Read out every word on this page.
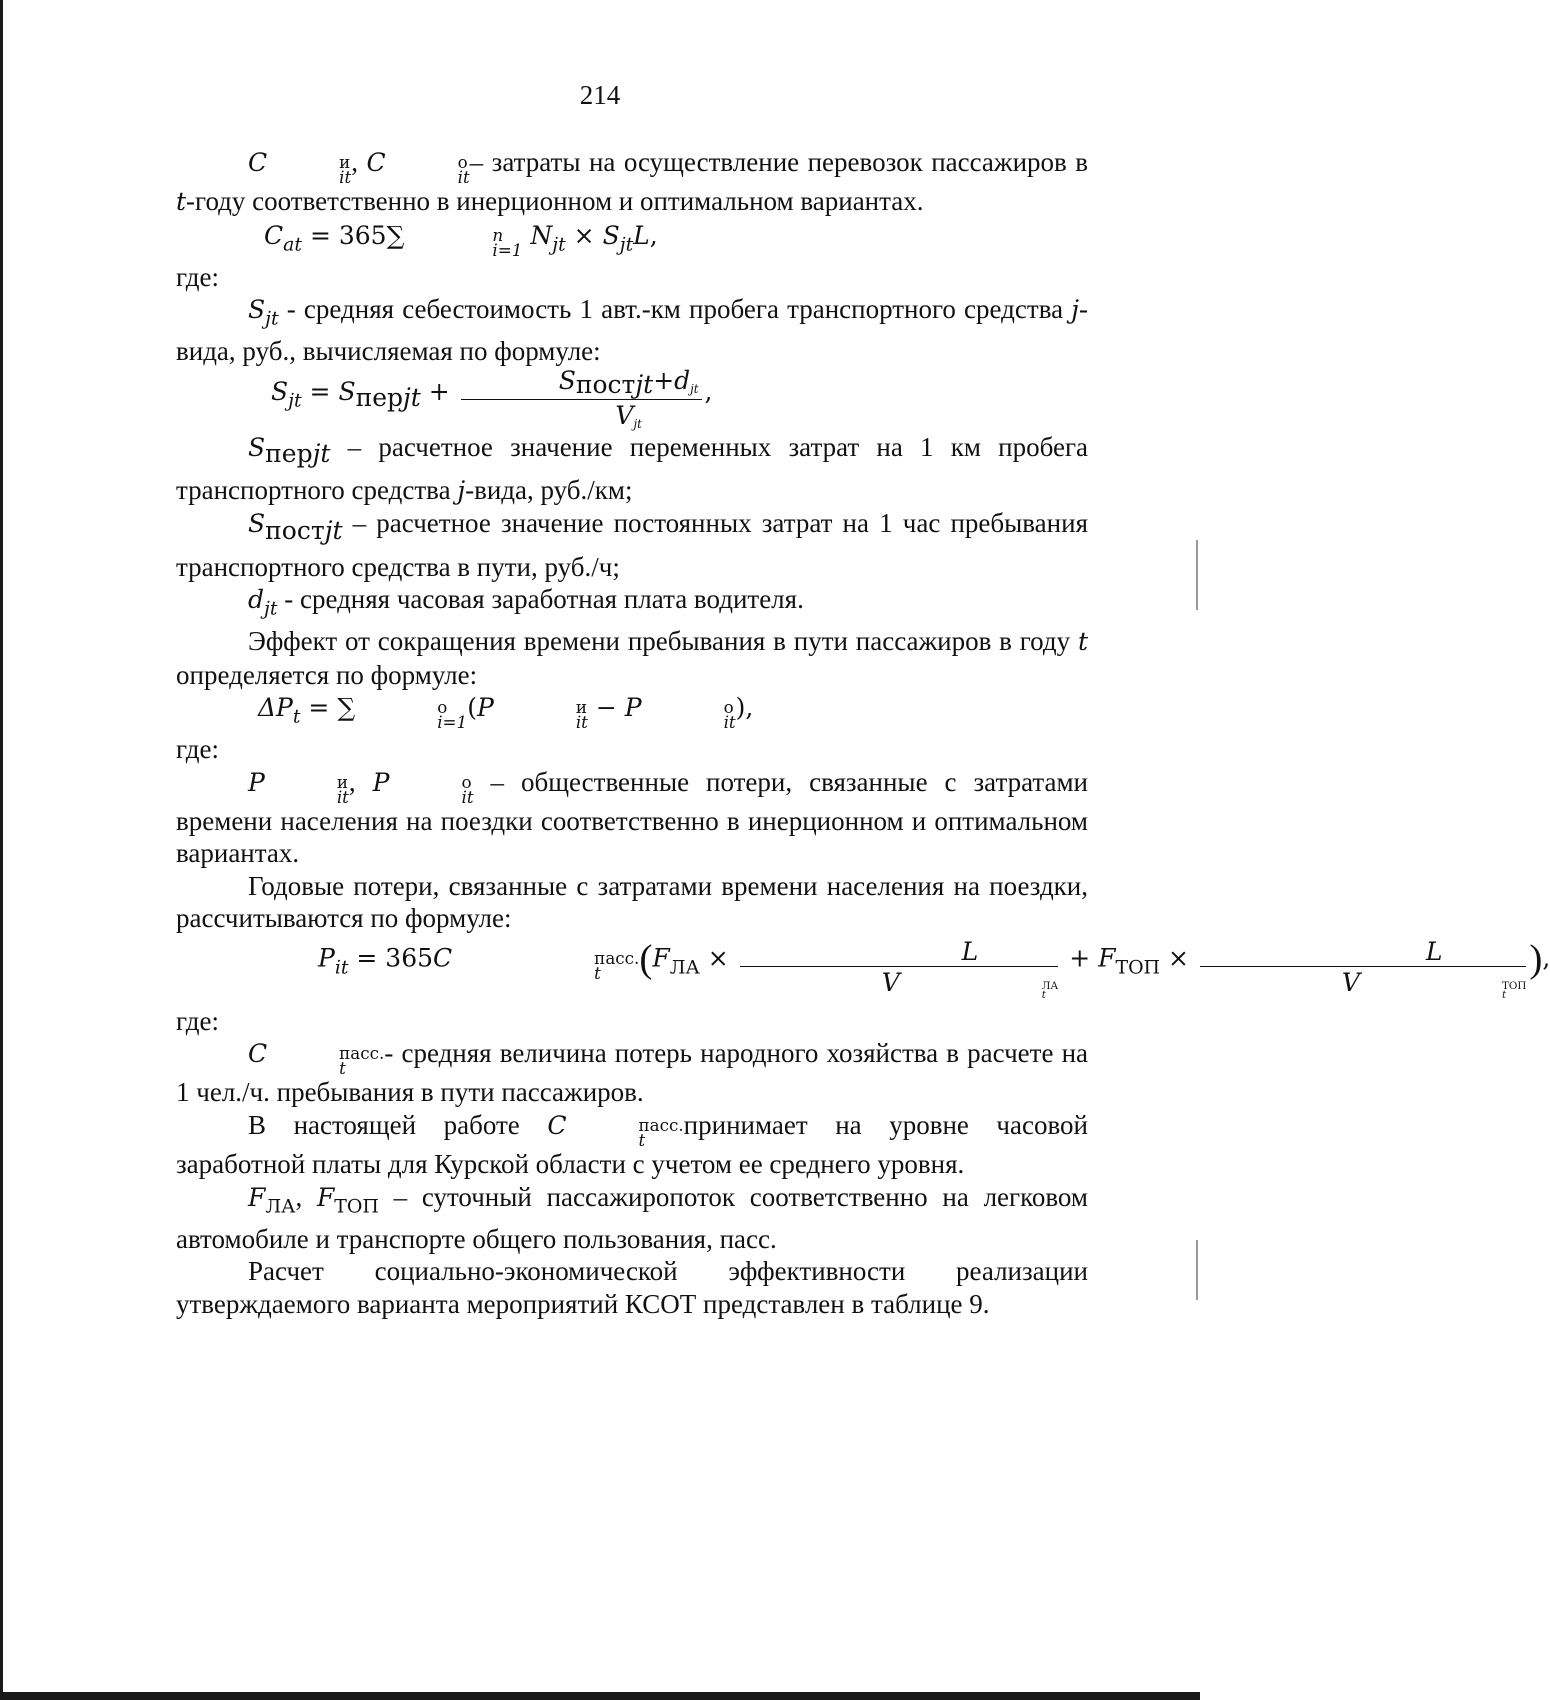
214

C	и
it
, C	о
it
– затраты на осуществление перевозок пассажиров в t-году соответственно в инерционном и оптимальном вариантах.

$C_{at} = 365\sum$	n
i=1
$N_{jt} \times S_{jt}L$,

где:

$S_{jt}$ - средняя себестоимость 1 авт.-км пробега транспортного средства j-вида, руб., вычисляемая по формуле:

$S_{jt} = S_{перjt} + \frac{S_{постjt}+d_{jt}}{V_{jt}}$ ,

$S_{перjt}$ – расчетное значение переменных затрат на 1 км пробега транспортного средства j-вида, руб./км;

$S_{постjt}$ – расчетное значение постоянных затрат на 1 час пребывания транспортного средства в пути, руб./ч;

$d_{jt}$ - средняя часовая заработная плата водителя.

Эффект от сокращения времени пребывания в пути пассажиров в году t определяется по формуле:

$\Delta P_t$ = ∑	о
i=1
(P	и
it
− P	о
it
),

где:

P	и
it
, P	о
it
– общественные потери, связанные с затратами времени населения на поездки соответственно в инерционном и оптимальном вариантах.

Годовые потери, связанные с затратами времени населения на поездки, рассчитываются по формуле:

$P_{it} = 365C$	пасс.
t ($F_{ЛА} \times L$
V	ЛА
$t + F_{ТОП} \times L$
V	ТОП
t ),

где:

C	пасс.
t
- средняя величина потерь народного хозяйства в расчете на 1 чел./ч. пребывания в пути пассажиров.

В настоящей работе C	пасс.
t
принимает на уровне часовой заработной платы для Курской области с учетом ее среднего уровня.

$F_{ЛА}$, $F_{ТОП}$ – суточный пассажиропоток соответственно на легковом автомобиле и транспорте общего пользования, пасс.

Расчет социально-экономической эффективности реализации утверждаемого варианта мероприятий КСОТ представлен в таблице 9.
